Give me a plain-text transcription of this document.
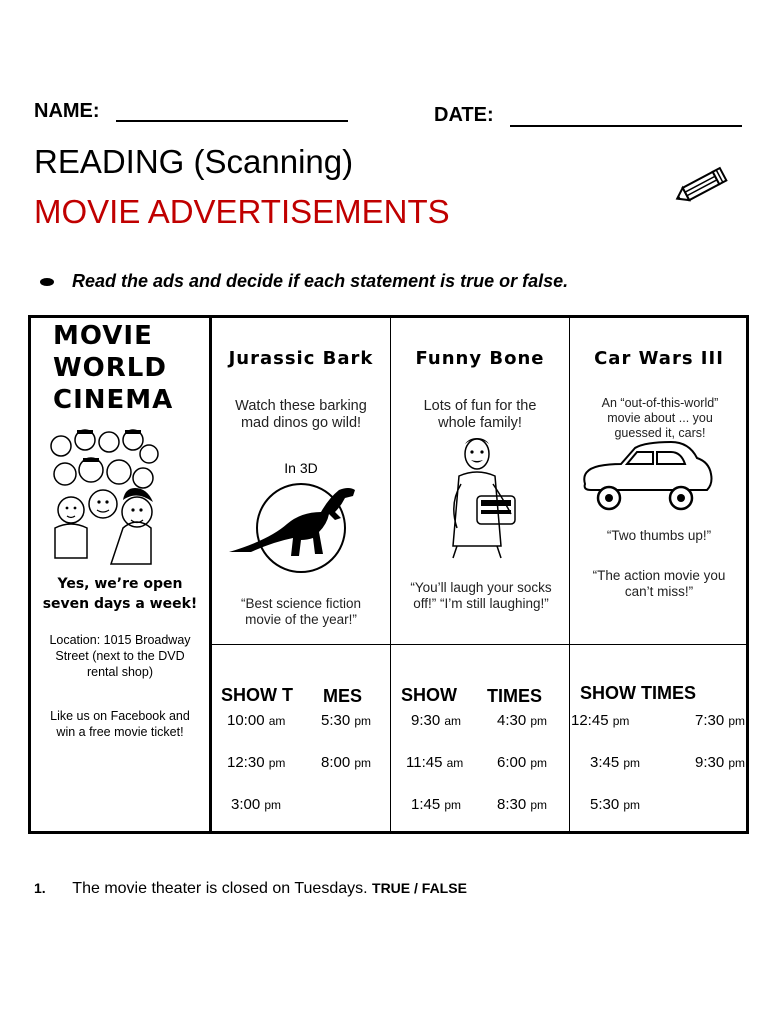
NAME:	DATE:
READING (Scanning)
MOVIE ADVERTISEMENTS
Read the ads and decide if each statement is true or false.
MOVIE
WORLD
CINEMA
Yes, we’re open seven days a week!
Location: 1015 Broadway Street (next to the DVD rental shop)
Like us on Facebook and win a free movie ticket!
Jurassic Bark
Watch these barking mad dinos go wild!
In 3D
“Best science fiction movie of the year!”
SHOW T MES
10:00 am 5:30 pm
12:30 pm 8:00 pm
3:00 pm
Funny Bone
Lots of fun for the whole family!
“You’ll laugh your socks off!” “I’m still laughing!”
SHOW TIMES
9:30 am 4:30 pm
11:45 am 6:00 pm
1:45 pm 8:30 pm
Car Wars III
An “out-of-this-world” movie about ... you guessed it, cars!
“Two thumbs up!”
“The action movie you can’t miss!”
SHOW TIMES
12:45 pm	7:30 pm
3:45 pm	9:30 pm
5:30 pm
1. The movie theater is closed on Tuesdays. TRUE / FALSE
